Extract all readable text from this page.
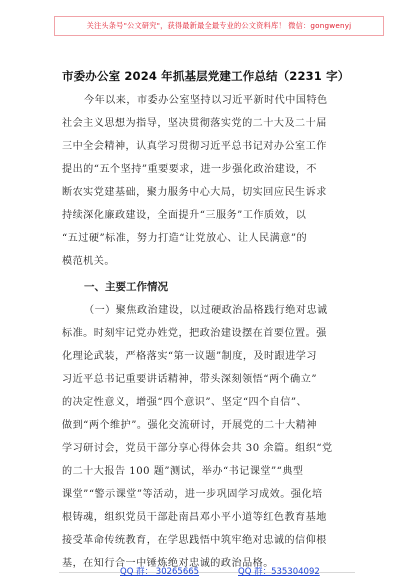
关注头条号"公文研究"，获得最新最全最专业的公文资料库！ 微信：gongwenyj
市委办公室 2024 年抓基层党建工作总结（2231 字）
今年以来，市委办公室坚持以习近平新时代中国特色
社会主义思想为指导，坚决贯彻落实党的二十大及二十届
三中全会精神，认真学习贯彻习近平总书记对办公室工作
提出的“五个坚持”重要要求，进一步强化政治建设，不
断农实党建基础，聚力服务中心大局，切实回应民生诉求
持续深化廉政建设，全面提升“三服务”工作质效，以
“五过硬”标准，努力打造“让党放心、让人民满意”的
模范机关。
一、主要工作情况
（一）聚焦政治建设，以过硬政治品格践行绝对忠诚
标准。时刻牢记党办姓党，把政治建设摆在首要位置。强
化理论武装，严格落实“第一议题”制度，及时跟进学习
习近平总书记重要讲话精神，带头深刻领悟“两个确立”
的决定性意义，增强“四个意识”、坚定“四个自信”、
做到“两个维护”。强化交流研讨，开展党的二十大精神
学习研讨会，党员干部分享心得体会共 30 余篇。组织“党
的二十大报告 100 题”测试，举办“书记课堂”“典型
课堂”“警示课堂”等活动，进一步巩固学习成效。强化培
根铸魂，组织党员干部赴南昌邓小平小道等红色教育基地
接受革命传统教育，在学思践悟中筑牢绝对忠诚的信仰根
基，在知行合一中锤炼绝对忠诚的政治品格。
QQ 群： 30265665	QQ 群：535304092
